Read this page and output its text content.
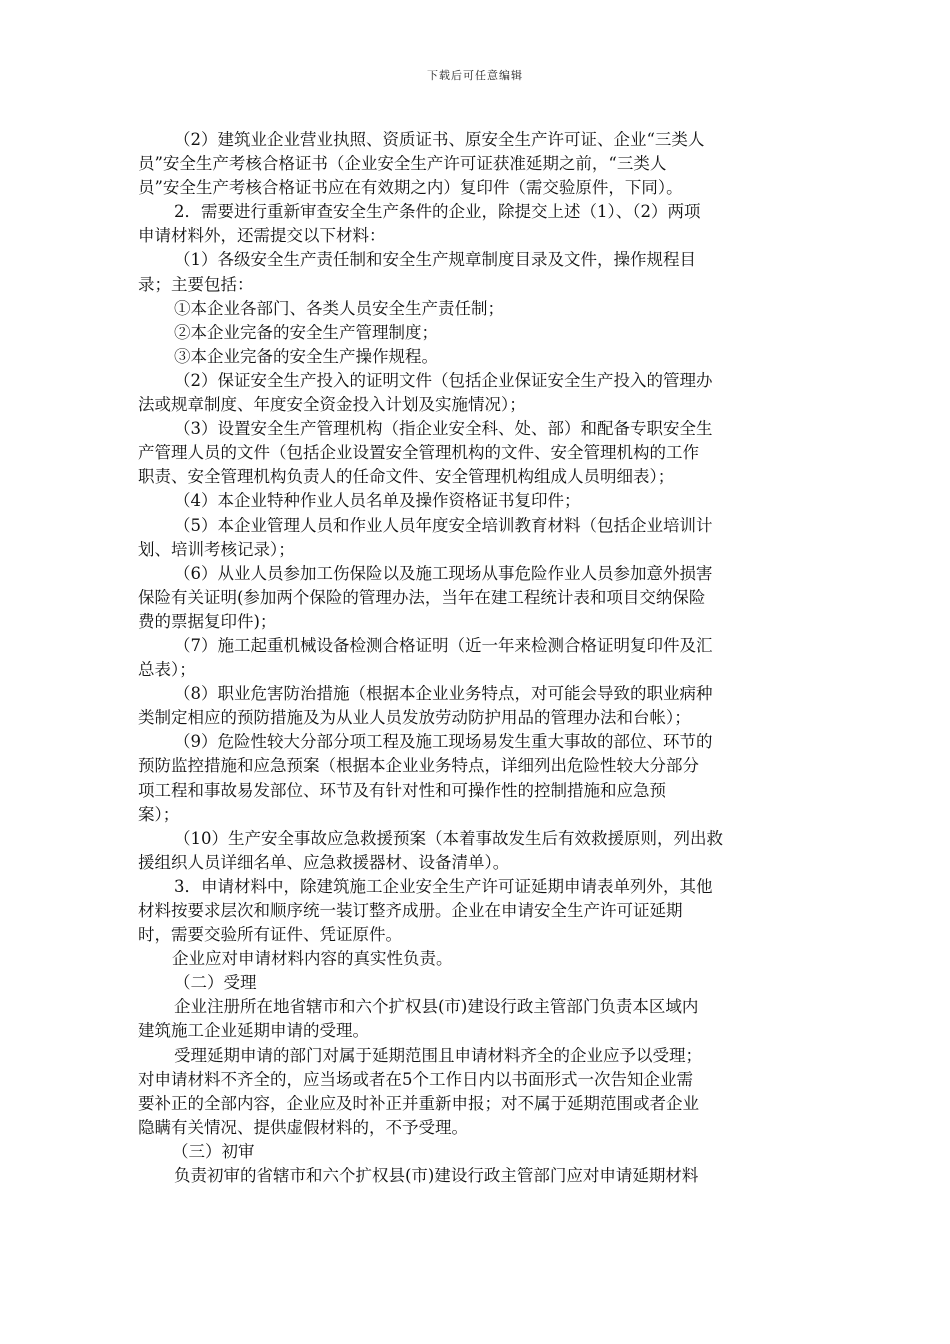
下载后可任意编辑
（2）建筑业企业营业执照、资质证书、原安全生产许可证、企业“三类人
员”安全生产考核合格证书（企业安全生产许可证获准延期之前，“三类人
员”安全生产考核合格证书应在有效期之内）复印件（需交验原件，下同）。
2．需要进行重新审查安全生产条件的企业，除提交上述（1）、（2）两项
申请材料外，还需提交以下材料：
（1）各级安全生产责任制和安全生产规章制度目录及文件，操作规程目
录；主要包括：
①本企业各部门、各类人员安全生产责任制；
②本企业完备的安全生产管理制度；
③本企业完备的安全生产操作规程。
（2）保证安全生产投入的证明文件（包括企业保证安全生产投入的管理办
法或规章制度、年度安全资金投入计划及实施情况）；
（3）设置安全生产管理机构（指企业安全科、处、部）和配备专职安全生
产管理人员的文件（包括企业设置安全管理机构的文件、安全管理机构的工作
职责、安全管理机构负责人的任命文件、安全管理机构组成人员明细表）；
（4）本企业特种作业人员名单及操作资格证书复印件；
（5）本企业管理人员和作业人员年度安全培训教育材料（包括企业培训计
划、培训考核记录）；
（6）从业人员参加工伤保险以及施工现场从事危险作业人员参加意外损害
保险有关证明(参加两个保险的管理办法，当年在建工程统计表和项目交纳保险
费的票据复印件)；
（7）施工起重机械设备检测合格证明（近一年来检测合格证明复印件及汇
总表）；
（8）职业危害防治措施（根据本企业业务特点，对可能会导致的职业病种
类制定相应的预防措施及为从业人员发放劳动防护用品的管理办法和台帐）；
（9）危险性较大分部分项工程及施工现场易发生重大事故的部位、环节的
预防监控措施和应急预案（根据本企业业务特点，详细列出危险性较大分部分
项工程和事故易发部位、环节及有针对性和可操作性的控制措施和应急预
案）；
（10）生产安全事故应急救援预案（本着事故发生后有效救援原则，列出救
援组织人员详细名单、应急救援器材、设备清单）。
3．申请材料中，除建筑施工企业安全生产许可证延期申请表单列外，其他
材料按要求层次和顺序统一装订整齐成册。企业在申请安全生产许可证延期
时，需要交验所有证件、凭证原件。
企业应对申请材料内容的真实性负责。
（二）受理
企业注册所在地省辖市和六个扩权县(市)建设行政主管部门负责本区域内
建筑施工企业延期申请的受理。
受理延期申请的部门对属于延期范围且申请材料齐全的企业应予以受理；
对申请材料不齐全的，应当场或者在5个工作日内以书面形式一次告知企业需
要补正的全部内容，企业应及时补正并重新申报；对不属于延期范围或者企业
隐瞒有关情况、提供虚假材料的，不予受理。
（三）初审
负责初审的省辖市和六个扩权县(市)建设行政主管部门应对申请延期材料
